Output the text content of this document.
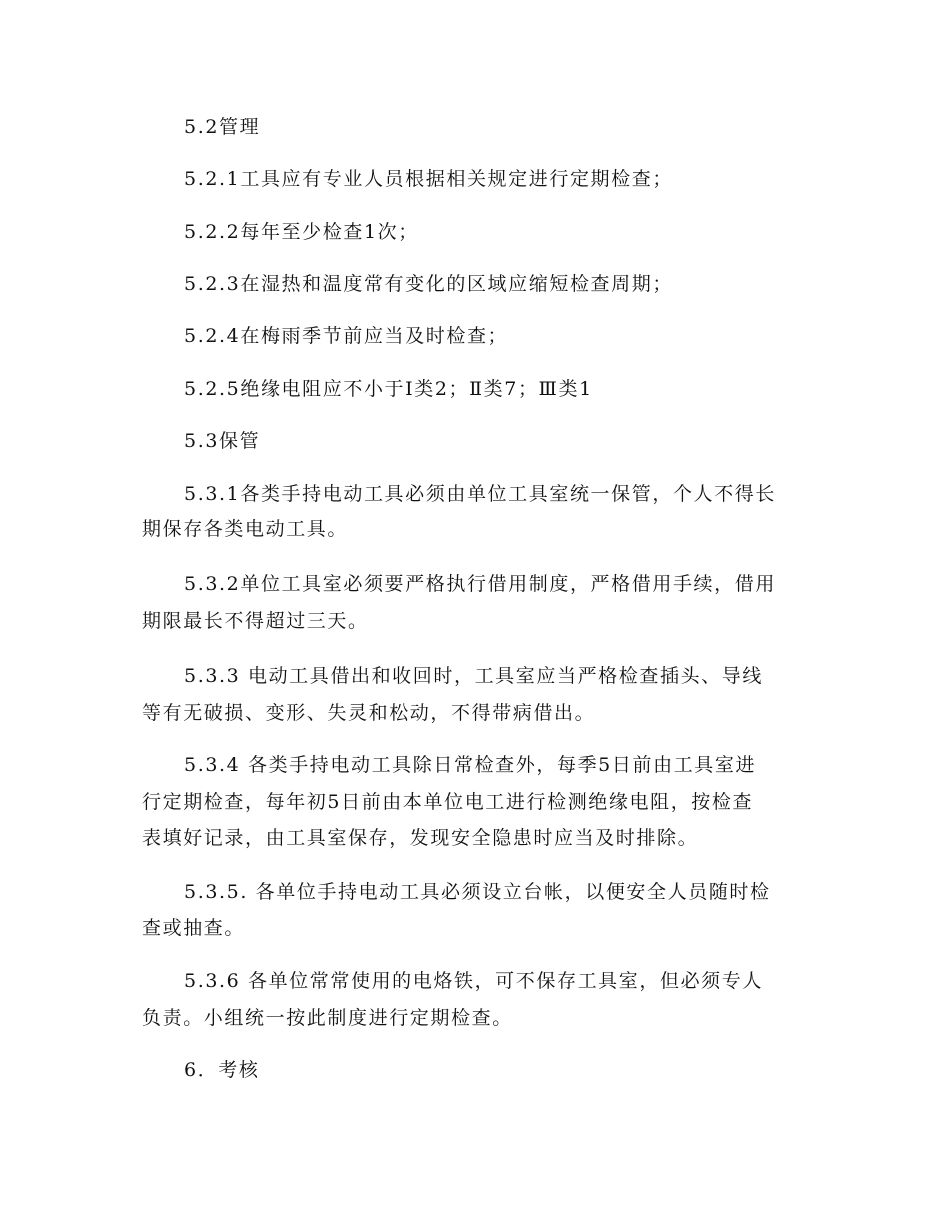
5.2管理
5.2.1工具应有专业人员根据相关规定进行定期检查；
5.2.2每年至少检查1次；
5.2.3在湿热和温度常有变化的区域应缩短检查周期；
5.2.4在梅雨季节前应当及时检查；
5.2.5绝缘电阻应不小于Ⅰ类2；Ⅱ类7；Ⅲ类1
5.3保管
5.3.1各类手持电动工具必须由单位工具室统一保管，个人不得长
期保存各类电动工具。
5.3.2单位工具室必须要严格执行借用制度，严格借用手续，借用
期限最长不得超过三天。
5.3.3 电动工具借出和收回时，工具室应当严格检查插头、导线
等有无破损、变形、失灵和松动，不得带病借出。
5.3.4 各类手持电动工具除日常检查外，每季5日前由工具室进
行定期检查，每年初5日前由本单位电工进行检测绝缘电阻，按检查
表填好记录，由工具室保存，发现安全隐患时应当及时排除。
5.3.5. 各单位手持电动工具必须设立台帐，以便安全人员随时检
查或抽查。
5.3.6 各单位常常使用的电烙铁，可不保存工具室，但必须专人
负责。小组统一按此制度进行定期检查。
6．考核
